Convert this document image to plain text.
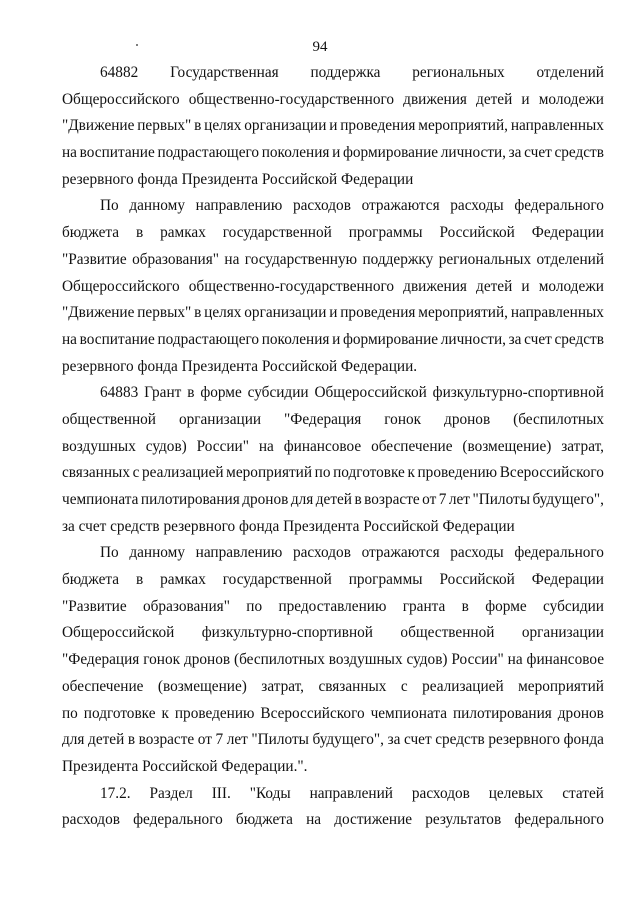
94
64882 Государственная поддержка региональных отделений
Общероссийского общественно-государственного движения детей и молодежи
"Движение первых" в целях организации и проведения мероприятий, направленных
на воспитание подрастающего поколения и формирование личности, за счет средств
резервного фонда Президента Российской Федерации
По данному направлению расходов отражаются расходы федерального
бюджета в рамках государственной программы Российской Федерации
"Развитие образования" на государственную поддержку региональных отделений
Общероссийского общественно-государственного движения детей и молодежи
"Движение первых" в целях организации и проведения мероприятий, направленных
на воспитание подрастающего поколения и формирование личности, за счет средств
резервного фонда Президента Российской Федерации.
64883 Грант в форме субсидии Общероссийской физкультурно-спортивной
общественной организации "Федерация гонок дронов (беспилотных
воздушных судов) России" на финансовое обеспечение (возмещение) затрат,
связанных с реализацией мероприятий по подготовке к проведению Всероссийского
чемпионата пилотирования дронов для детей в возрасте от 7 лет "Пилоты будущего",
за счет средств резервного фонда Президента Российской Федерации
По данному направлению расходов отражаются расходы федерального
бюджета в рамках государственной программы Российской Федерации
"Развитие образования" по предоставлению гранта в форме субсидии
Общероссийской физкультурно-спортивной общественной организации
"Федерация гонок дронов (беспилотных воздушных судов) России" на финансовое
обеспечение (возмещение) затрат, связанных с реализацией мероприятий
по подготовке к проведению Всероссийского чемпионата пилотирования дронов
для детей в возрасте от 7 лет "Пилоты будущего", за счет средств резервного фонда
Президента Российской Федерации.".
17.2. Раздел III. "Коды направлений расходов целевых статей
расходов федерального бюджета на достижение результатов федерального
